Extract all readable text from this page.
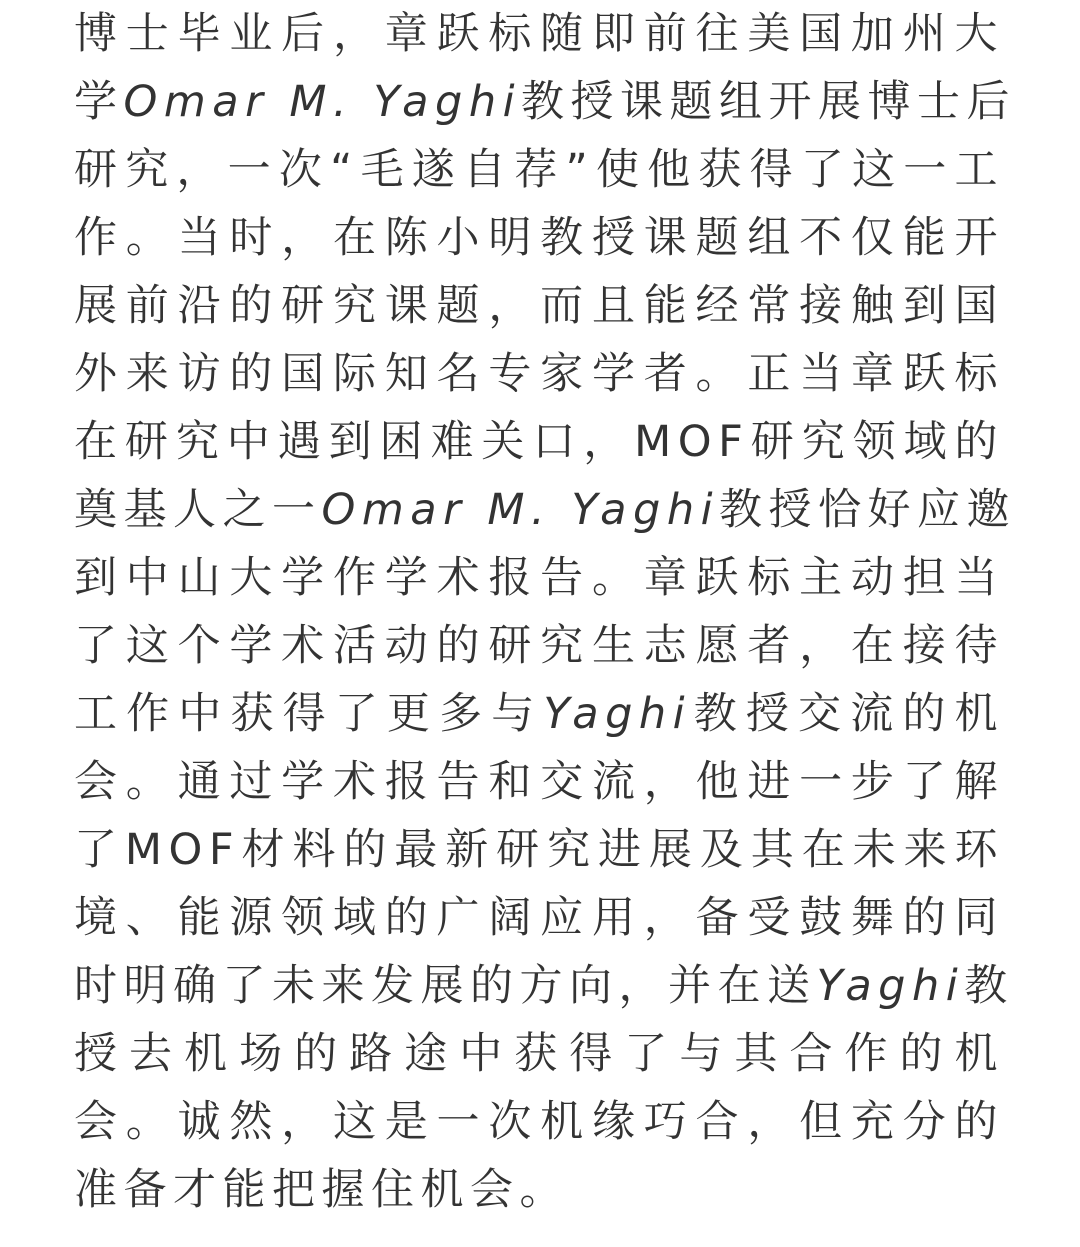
博士毕业后，章跃标随即前往美国加州大
学Omar M. Yaghi教授课题组开展博士后
研究，一次“毛遂自荐”使他获得了这一工
作。当时，在陈小明教授课题组不仅能开
展前沿的研究课题，而且能经常接触到国
外来访的国际知名专家学者。正当章跃标
在研究中遇到困难关口，MOF研究领域的
奠基人之一Omar M. Yaghi教授恰好应邀
到中山大学作学术报告。章跃标主动担当
了这个学术活动的研究生志愿者，在接待
工作中获得了更多与Yaghi教授交流的机
会。通过学术报告和交流，他进一步了解
了MOF材料的最新研究进展及其在未来环
境、能源领域的广阔应用，备受鼓舞的同
时明确了未来发展的方向，并在送Yaghi教
授去机场的路途中获得了与其合作的机
会。诚然，这是一次机缘巧合，但充分的
准备才能把握住机会。
